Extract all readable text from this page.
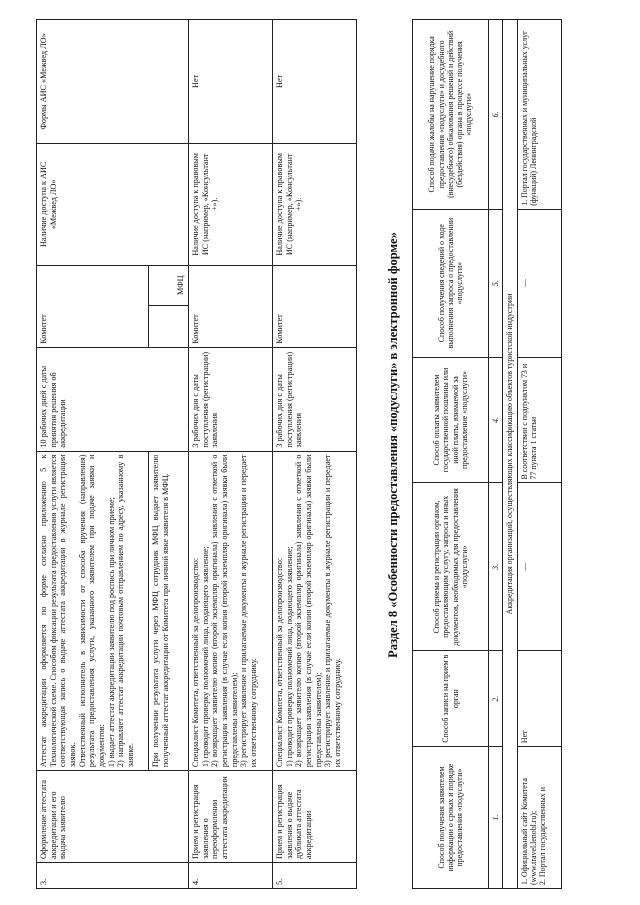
3.	Оформление аттестата аккредитации и его выдача заявителю	Аттестат аккредитации оформляется по форме согласно приложению 5 к Технологической схеме. Способом фиксации результата предоставления услуги является соответствующая запись о выдаче аттестата аккредитации в журнале регистрации заявок.
Ответственный исполнитель в зависимости от способа вручения (направления) результата предоставления услуги, указанного заявителем при подаче заявки и документов:
1) выдает аттестат аккредитации заявителю под роспись при личном приеме;
2) направляет аттестат аккредитации почтовым отправлением по адресу, указанному в заявке.	10 рабочих дней с даты принятия решения об аккредитации	Комитет		Наличие доступа к АИС «Межвед ЛО»	Формы АИС «Межвед ЛО»
		При получении результата услуги через МФЦ сотрудник МФЦ выдает заявителю полученный аттестат аккредитации от Комитета при личной явке заявителя в МФЦ.			МФЦ		
4.	Прием и регистрация заявления о переоформлении аттестата аккредитации	Специалист Комитета, ответственный за делопроизводство:
1) проводит проверку полномочий лица, подающего заявление;
2) возвращает заявителю копию (второй экземпляр оригинала) заявления с отметкой о регистрации заявления (в случае если копия (второй экземпляр оригинала) заявки были представлены заявителем);
3) регистрирует заявление и прилагаемые документы в журнале регистрации и передает их ответственному сотруднику.	3 рабочих дня с даты поступления (регистрации) заявления	Комитет		Наличие доступа к правовым ИС (например, «Консультант +»).	Нет
5.	Прием и регистрация заявления о выдаче дубликата аттестата аккредитации	Специалист Комитета, ответственный за делопроизводство:
1) проводит проверку полномочий лица, подающего заявление;
2) возвращает заявителю копию (второй экземпляр оригинала) заявления с отметкой о регистрации заявления (в случае если копия (второй экземпляр оригинала) заявки были представлены заявителем);
3) регистрирует заявление и прилагаемые документы в журнале регистрации и передает их ответственному сотруднику.	3 рабочих дня с даты поступления (регистрации) заявления	Комитет		Наличие доступа к правовым ИС (например, «Консультант +»).	Нет
Раздел 8 «Особенности предоставления «подуслуги» в электронной форме»
Способ получения заявителем информации о сроках и порядке предоставления «подуслуги»	Способ записи на прием в орган	Способ приема и регистрации органом, предоставляющим услугу, запроса и иных документов, необходимых для предоставления «подуслуги»	Способ оплаты заявителем государственной пошлины или иной платы, взимаемой за предоставление «подуслуги»	Способ получения сведений о ходе выполнения запроса о предоставлении «подуслуги»	Способ подачи жалобы на нарушение порядка предоставления «подуслуги» и досудебного (внесудебного) обжалования решений и действий (бездействия) органа в процессе получения «подуслуги»
1.	2.	3.	4.	5.	6.
Аккредитация организаций, осуществляющих классификацию объектов туристской индустрии					
1. Официальный сайт Комитета (www.travel.lenobl.ru);
2. Портал государственных и	Нет	—	В соответствии с подпунктом 73 и 77 пункта 1 статьи	—	1. Портал государственных и муниципальных услуг (функций) Ленинградской
